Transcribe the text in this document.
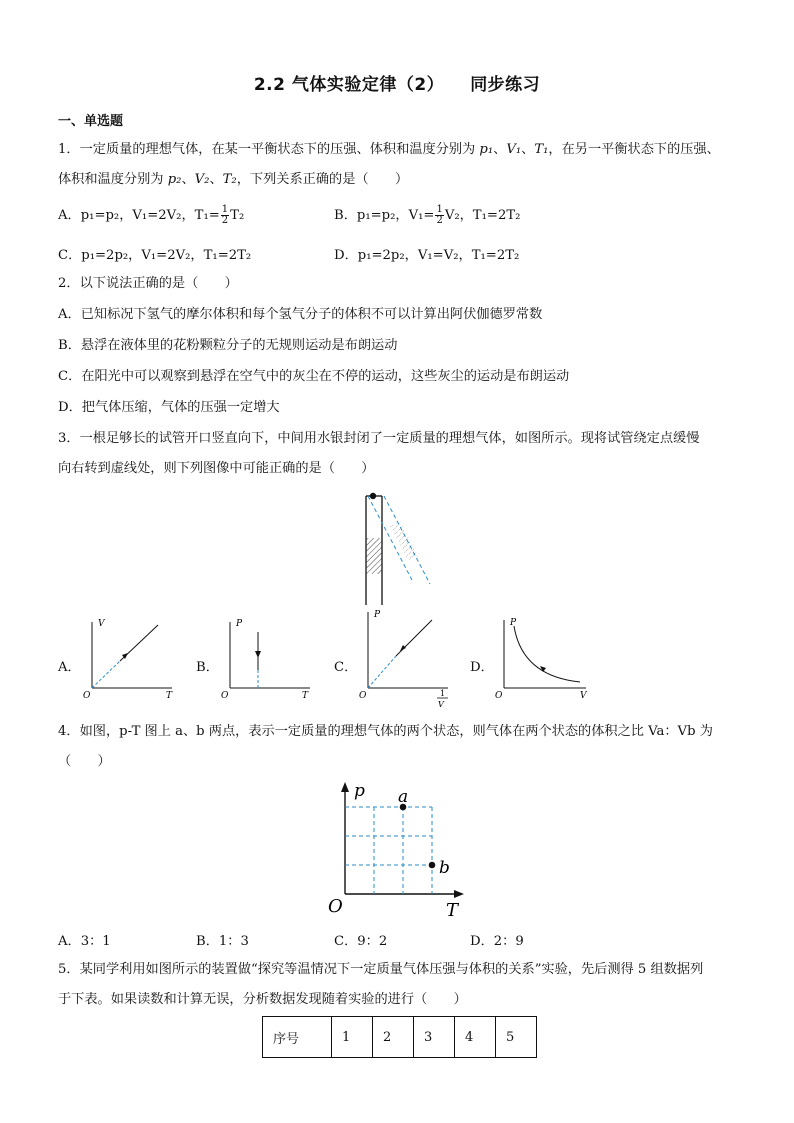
2.2 气体实验定律（2） 同步练习
一、单选题
1．一定质量的理想气体，在某一平衡状态下的压强、体积和温度分别为 p₁、V₁、T₁，在另一平衡状态下的压强、
体积和温度分别为 p₂、V₂、T₂，下列关系正确的是（　　）
A．p₁=p₂，V₁=2V₂，$T_1= \frac{1}{2} T_2$	B．p₁=p₂，$V_1= \frac{1}{2} V_2$，T₁=2T₂
C．p₁=2p₂，V₁=2V₂，T₁=2T₂	D．p₁=2p₂，V₁=V₂，T₁=2T₂
2．以下说法正确的是（　　）
A．已知标况下氢气的摩尔体积和每个氢气分子的体积不可以计算出阿伏伽德罗常数
B．悬浮在液体里的花粉颗粒分子的无规则运动是布朗运动
C．在阳光中可以观察到悬浮在空气中的灰尘在不停的运动，这些灰尘的运动是布朗运动
D．把气体压缩，气体的压强一定增大
3．一根足够长的试管开口竖直向下，中间用水银封闭了一定质量的理想气体，如图所示。现将试管绕定点缓慢
向右转到虚线处，则下列图像中可能正确的是（　　）
A．
V
T
O
B．
P
T
O
C．
P
1
V
O
D．
P
V
O
4．如图，p-T 图上 a、b 两点，表示一定质量的理想气体的两个状态，则气体在两个状态的体积之比 Va：Vb 为
（　　）
p
T
O
a
b
A．3：1	B．1：3	C．9：2	D．2：9
5．某同学利用如图所示的装置做“探究等温情况下一定质量气体压强与体积的关系”实验，先后测得 5 组数据列
于下表。如果读数和计算无误，分析数据发现随着实验的进行（　　）
序号	1	2	3	4	5
